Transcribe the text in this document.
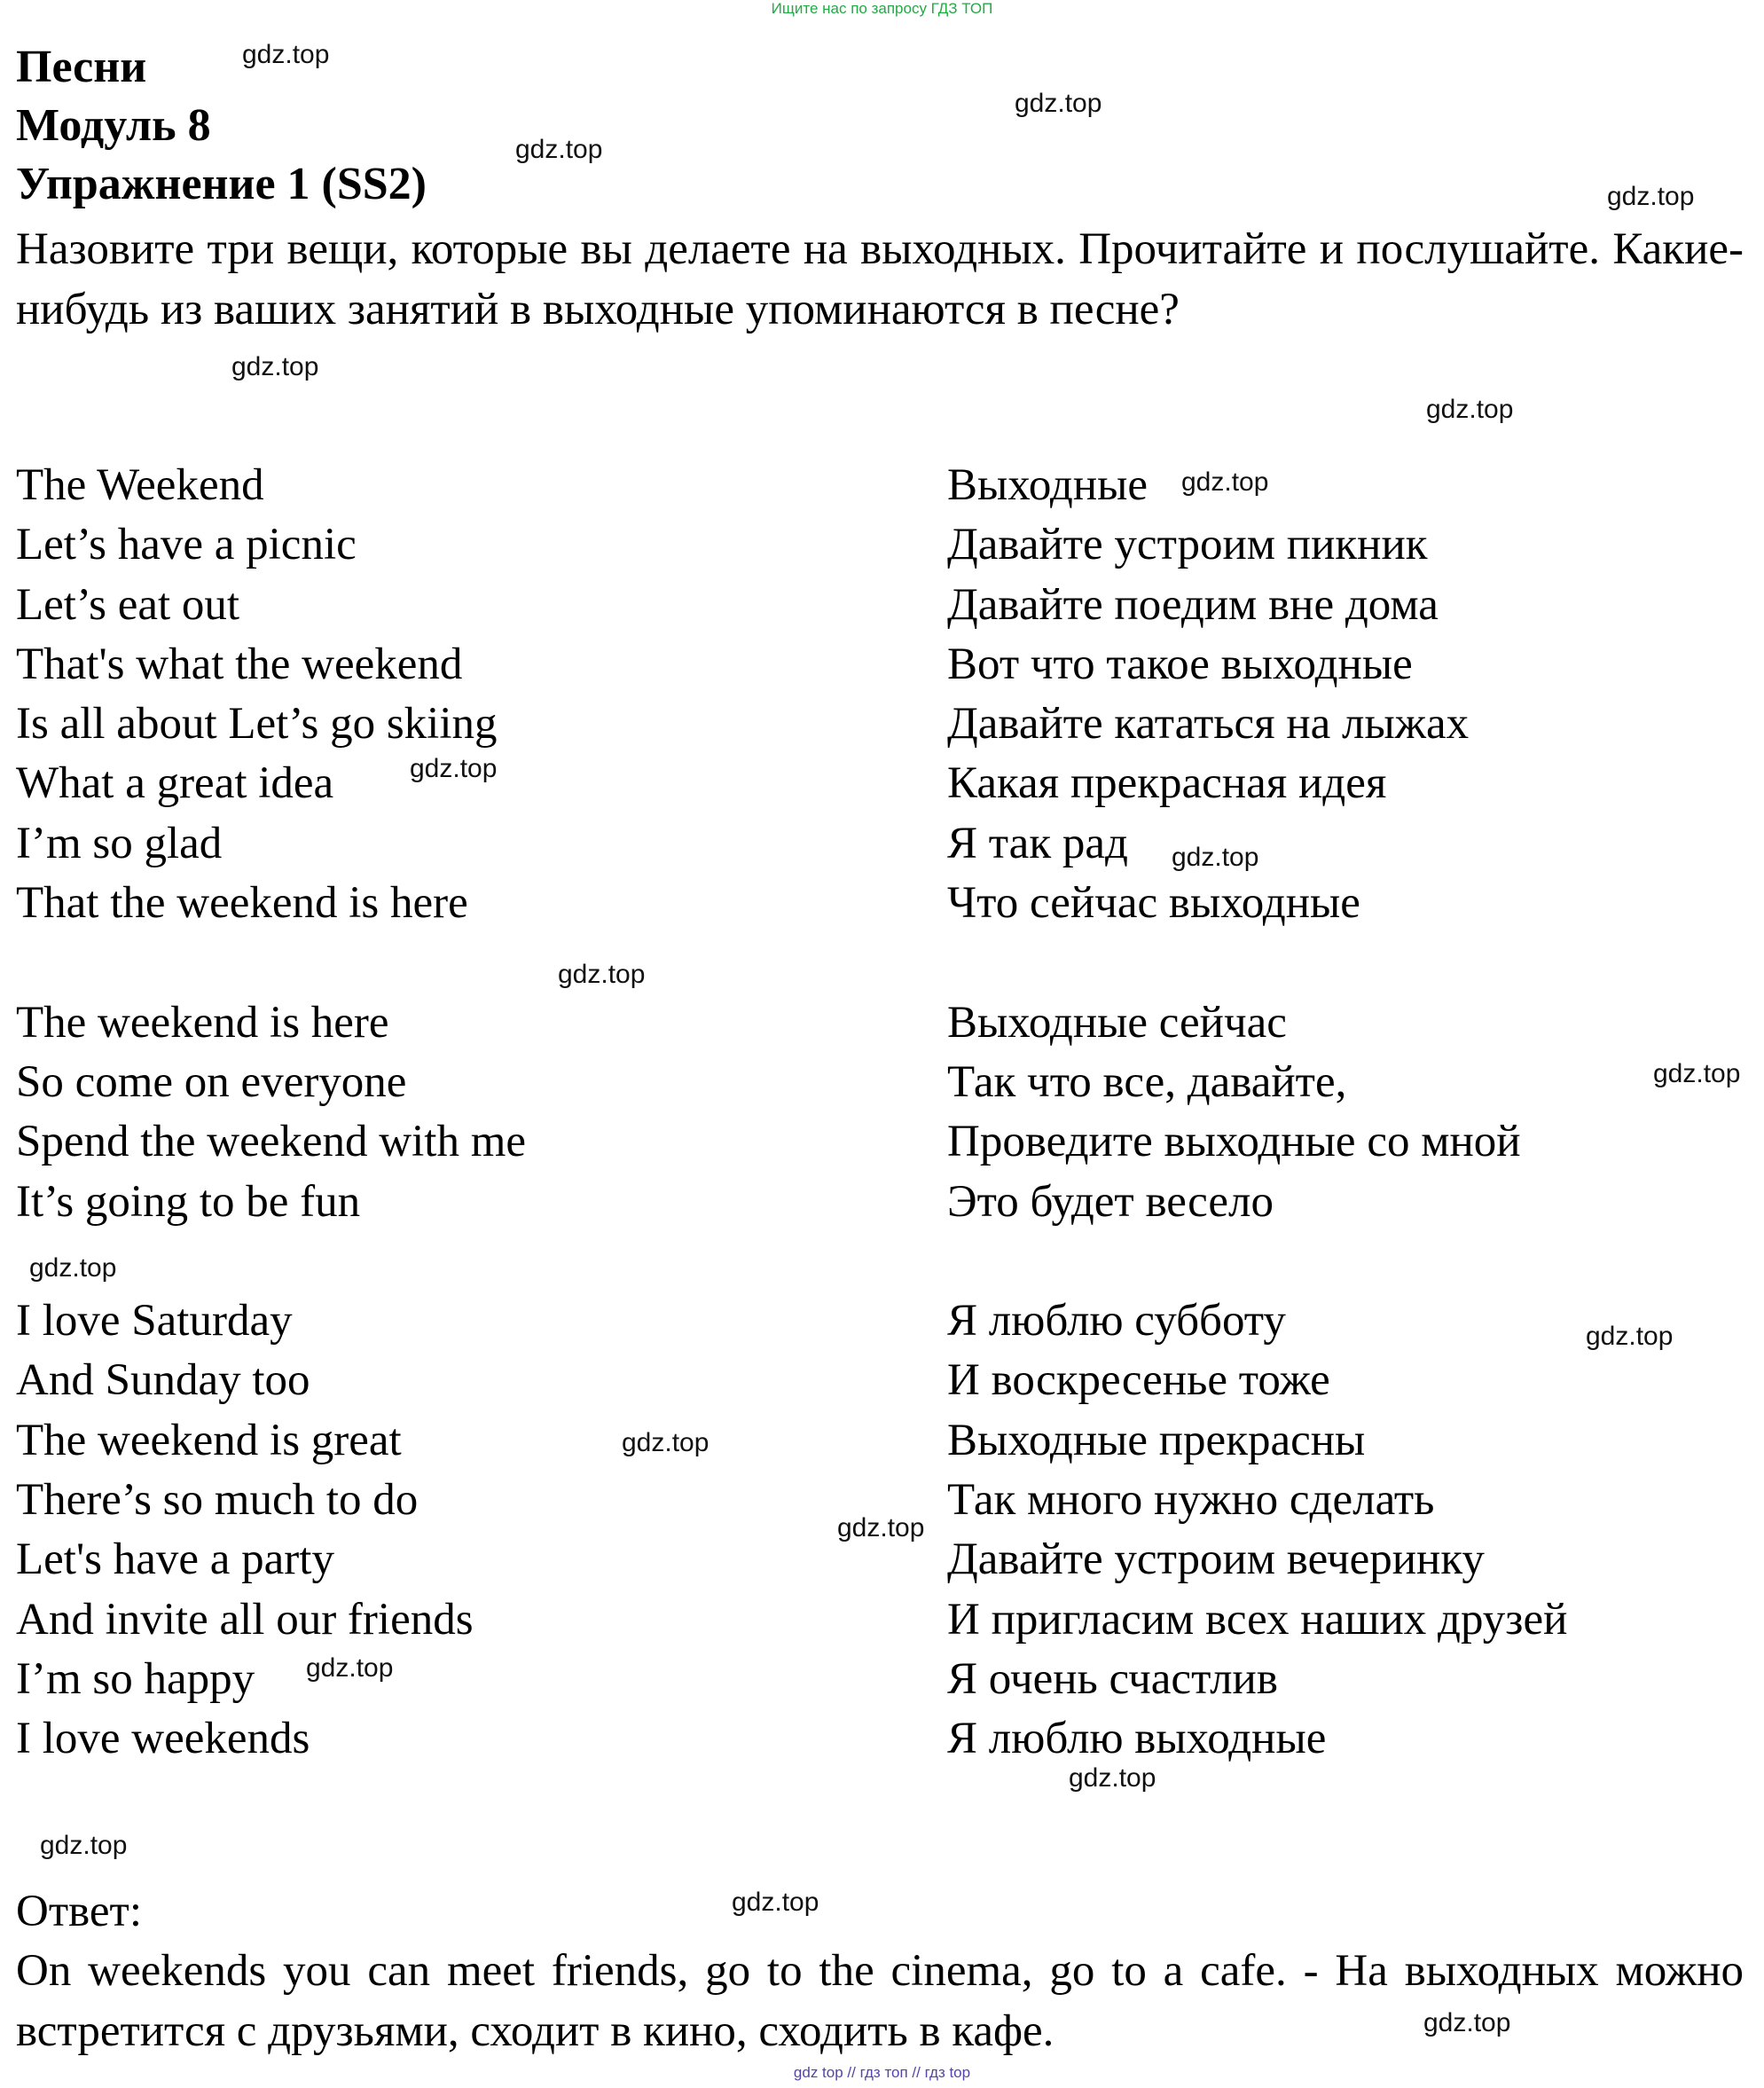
Ищите нас по запросу ГДЗ ТОП
Песни
Модуль 8
Упражнение 1 (SS2)
Назовите три вещи, которые вы делаете на выходных. Прочитайте и послушайте. Какие-нибудь из ваших занятий в выходные упоминаются в песне?
The Weekend
Let’s have a picnic
Let’s eat out
That's what the weekend
Is all about Let’s go skiing
What a great idea
I’m so glad
That the weekend is here
The weekend is here
So come on everyone
Spend the weekend with me
It’s going to be fun
I love Saturday
And Sunday too
The weekend is great
There’s so much to do
Let's have a party
And invite all our friends
I’m so happy
I love weekends
Выходные
Давайте устроим пикник
Давайте поедим вне дома
Вот что такое выходные
Давайте кататься на лыжах
Какая прекрасная идея
Я так рад
Что сейчас выходные
Выходные сейчас
Так что все, давайте,
Проведите выходные со мной
Это будет весело
Я люблю субботу
И воскресенье тоже
Выходные прекрасны
Так много нужно сделать
Давайте устроим вечеринку
И пригласим всех наших друзей
Я очень счастлив
Я люблю выходные
Ответ:
On weekends you can meet friends, go to the cinema, go to a cafe. - На выходных можно встретится с друзьями, сходит в кино, сходить в кафе.
gdz.top
gdz.top
gdz.top
gdz.top
gdz.top
gdz.top
gdz.top
gdz.top
gdz.top
gdz.top
gdz.top
gdz.top
gdz.top
gdz.top
gdz.top
gdz.top
gdz.top
gdz.top
gdz.top
gdz.top
gdz top // гдз топ // гдз top
